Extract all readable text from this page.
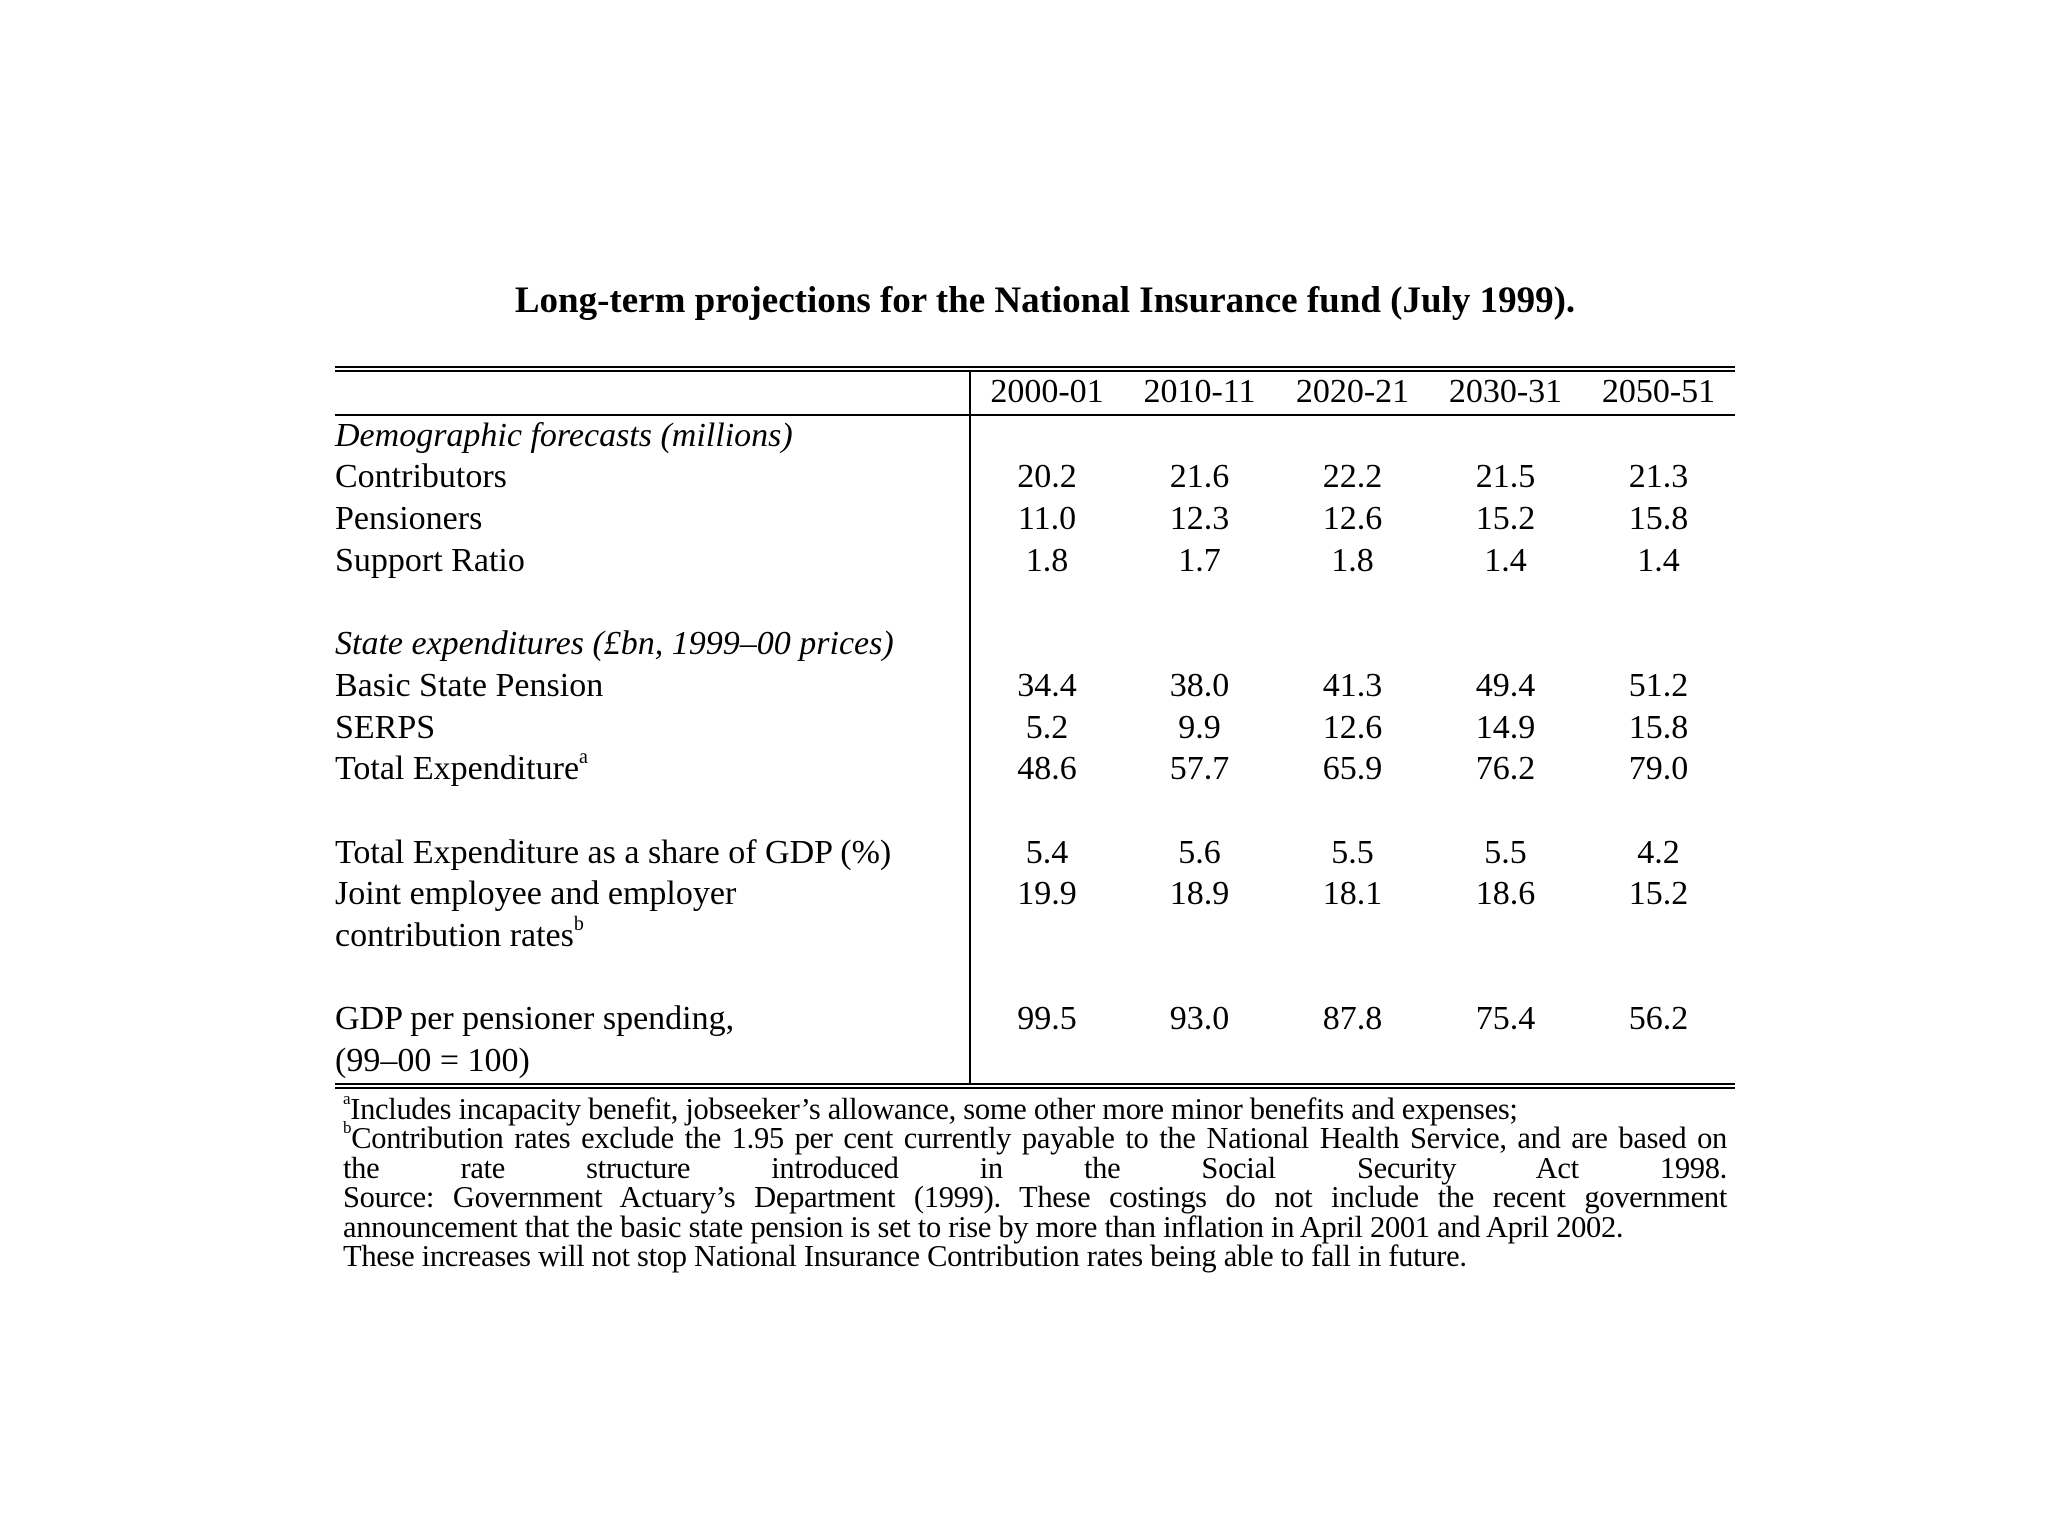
Long-term projections for the National Insurance fund (July 1999).
	2000-01	2010-11	2020-21	2030-31	2050-51
Demographic forecasts (millions)					
Contributors	20.2	21.6	22.2	21.5	21.3
Pensioners	11.0	12.3	12.6	15.2	15.8
Support Ratio	1.8	1.7	1.8	1.4	1.4

State expenditures (£bn, 1999–00 prices)					
Basic State Pension	34.4	38.0	41.3	49.4	51.2
SERPS	5.2	9.9	12.6	14.9	15.8
Total Expenditure$^a$	48.6	57.7	65.9	76.2	79.0

Total Expenditure as a share of GDP (%)	5.4	5.6	5.5	5.5	4.2
Joint employee and employer	19.9	18.9	18.1	18.6	15.2
contribution rates$^b$					

GDP per pensioner spending,	99.5	93.0	87.8	75.4	56.2
(99–00 = 100)					

$^a$Includes incapacity benefit, jobseeker’s allowance, some other more minor benefits and expenses;

$^b$Contribution rates exclude the 1.95 per cent currently payable to the National Health Service, and are based on

the rate structure introduced in the Social Security Act 1998.

Source: Government Actuary’s Department (1999). These costings do not include the recent government announcement that the basic state pension is set to rise by more than inflation in April 2001 and April 2002.

These increases will not stop National Insurance Contribution rates being able to fall in future.
